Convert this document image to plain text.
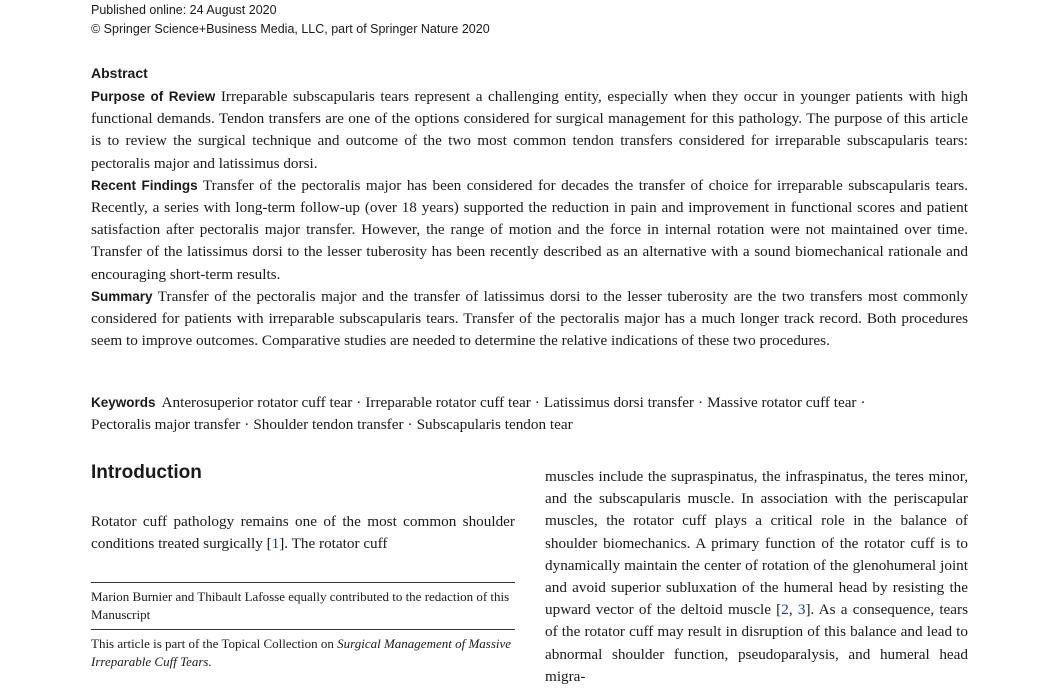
Published online: 24 August 2020
© Springer Science+Business Media, LLC, part of Springer Nature 2020
Abstract

Purpose of Review Irreparable subscapularis tears represent a challenging entity, especially when they occur in younger patients with high functional demands. Tendon transfers are one of the options considered for surgical management for this pathology. The purpose of this article is to review the surgical technique and outcome of the two most common tendon transfers considered for irreparable subscapularis tears: pectoralis major and latissimus dorsi.

Recent Findings Transfer of the pectoralis major has been considered for decades the transfer of choice for irreparable subscapularis tears. Recently, a series with long-term follow-up (over 18 years) supported the reduction in pain and improvement in functional scores and patient satisfaction after pectoralis major transfer. However, the range of motion and the force in internal rotation were not maintained over time. Transfer of the latissimus dorsi to the lesser tuberosity has been recently described as an alternative with a sound biomechanical rationale and encouraging short-term results.

Summary Transfer of the pectoralis major and the transfer of latissimus dorsi to the lesser tuberosity are the two transfers most commonly considered for patients with irreparable subscapularis tears. Transfer of the pectoralis major has a much longer track record. Both procedures seem to improve outcomes. Comparative studies are needed to determine the relative indications of these two procedures.

Keywords Anterosuperior rotator cuff tear · Irreparable rotator cuff tear · Latissimus dorsi transfer · Massive rotator cuff tear ·
Pectoralis major transfer · Shoulder tendon transfer · Subscapularis tendon tear
Introduction

Rotator cuff pathology remains one of the most common shoulder conditions treated surgically [1]. The rotator cuff

muscles include the supraspinatus, the infraspinatus, the teres minor, and the subscapularis muscle. In association with the periscapular muscles, the rotator cuff plays a critical role in the balance of shoulder biomechanics. A primary function of the rotator cuff is to dynamically maintain the center of rotation of the glenohumeral joint and avoid superior subluxation of the humeral head by resisting the upward vector of the deltoid muscle [2, 3]. As a consequence, tears of the rotator cuff may result in disruption of this balance and lead to abnormal shoulder function, pseudoparalysis, and humeral head migra-

Marion Burnier and Thibault Lafosse equally contributed to the redaction of this Manuscript

This article is part of the Topical Collection on Surgical Management of Massive Irreparable Cuff Tears.
